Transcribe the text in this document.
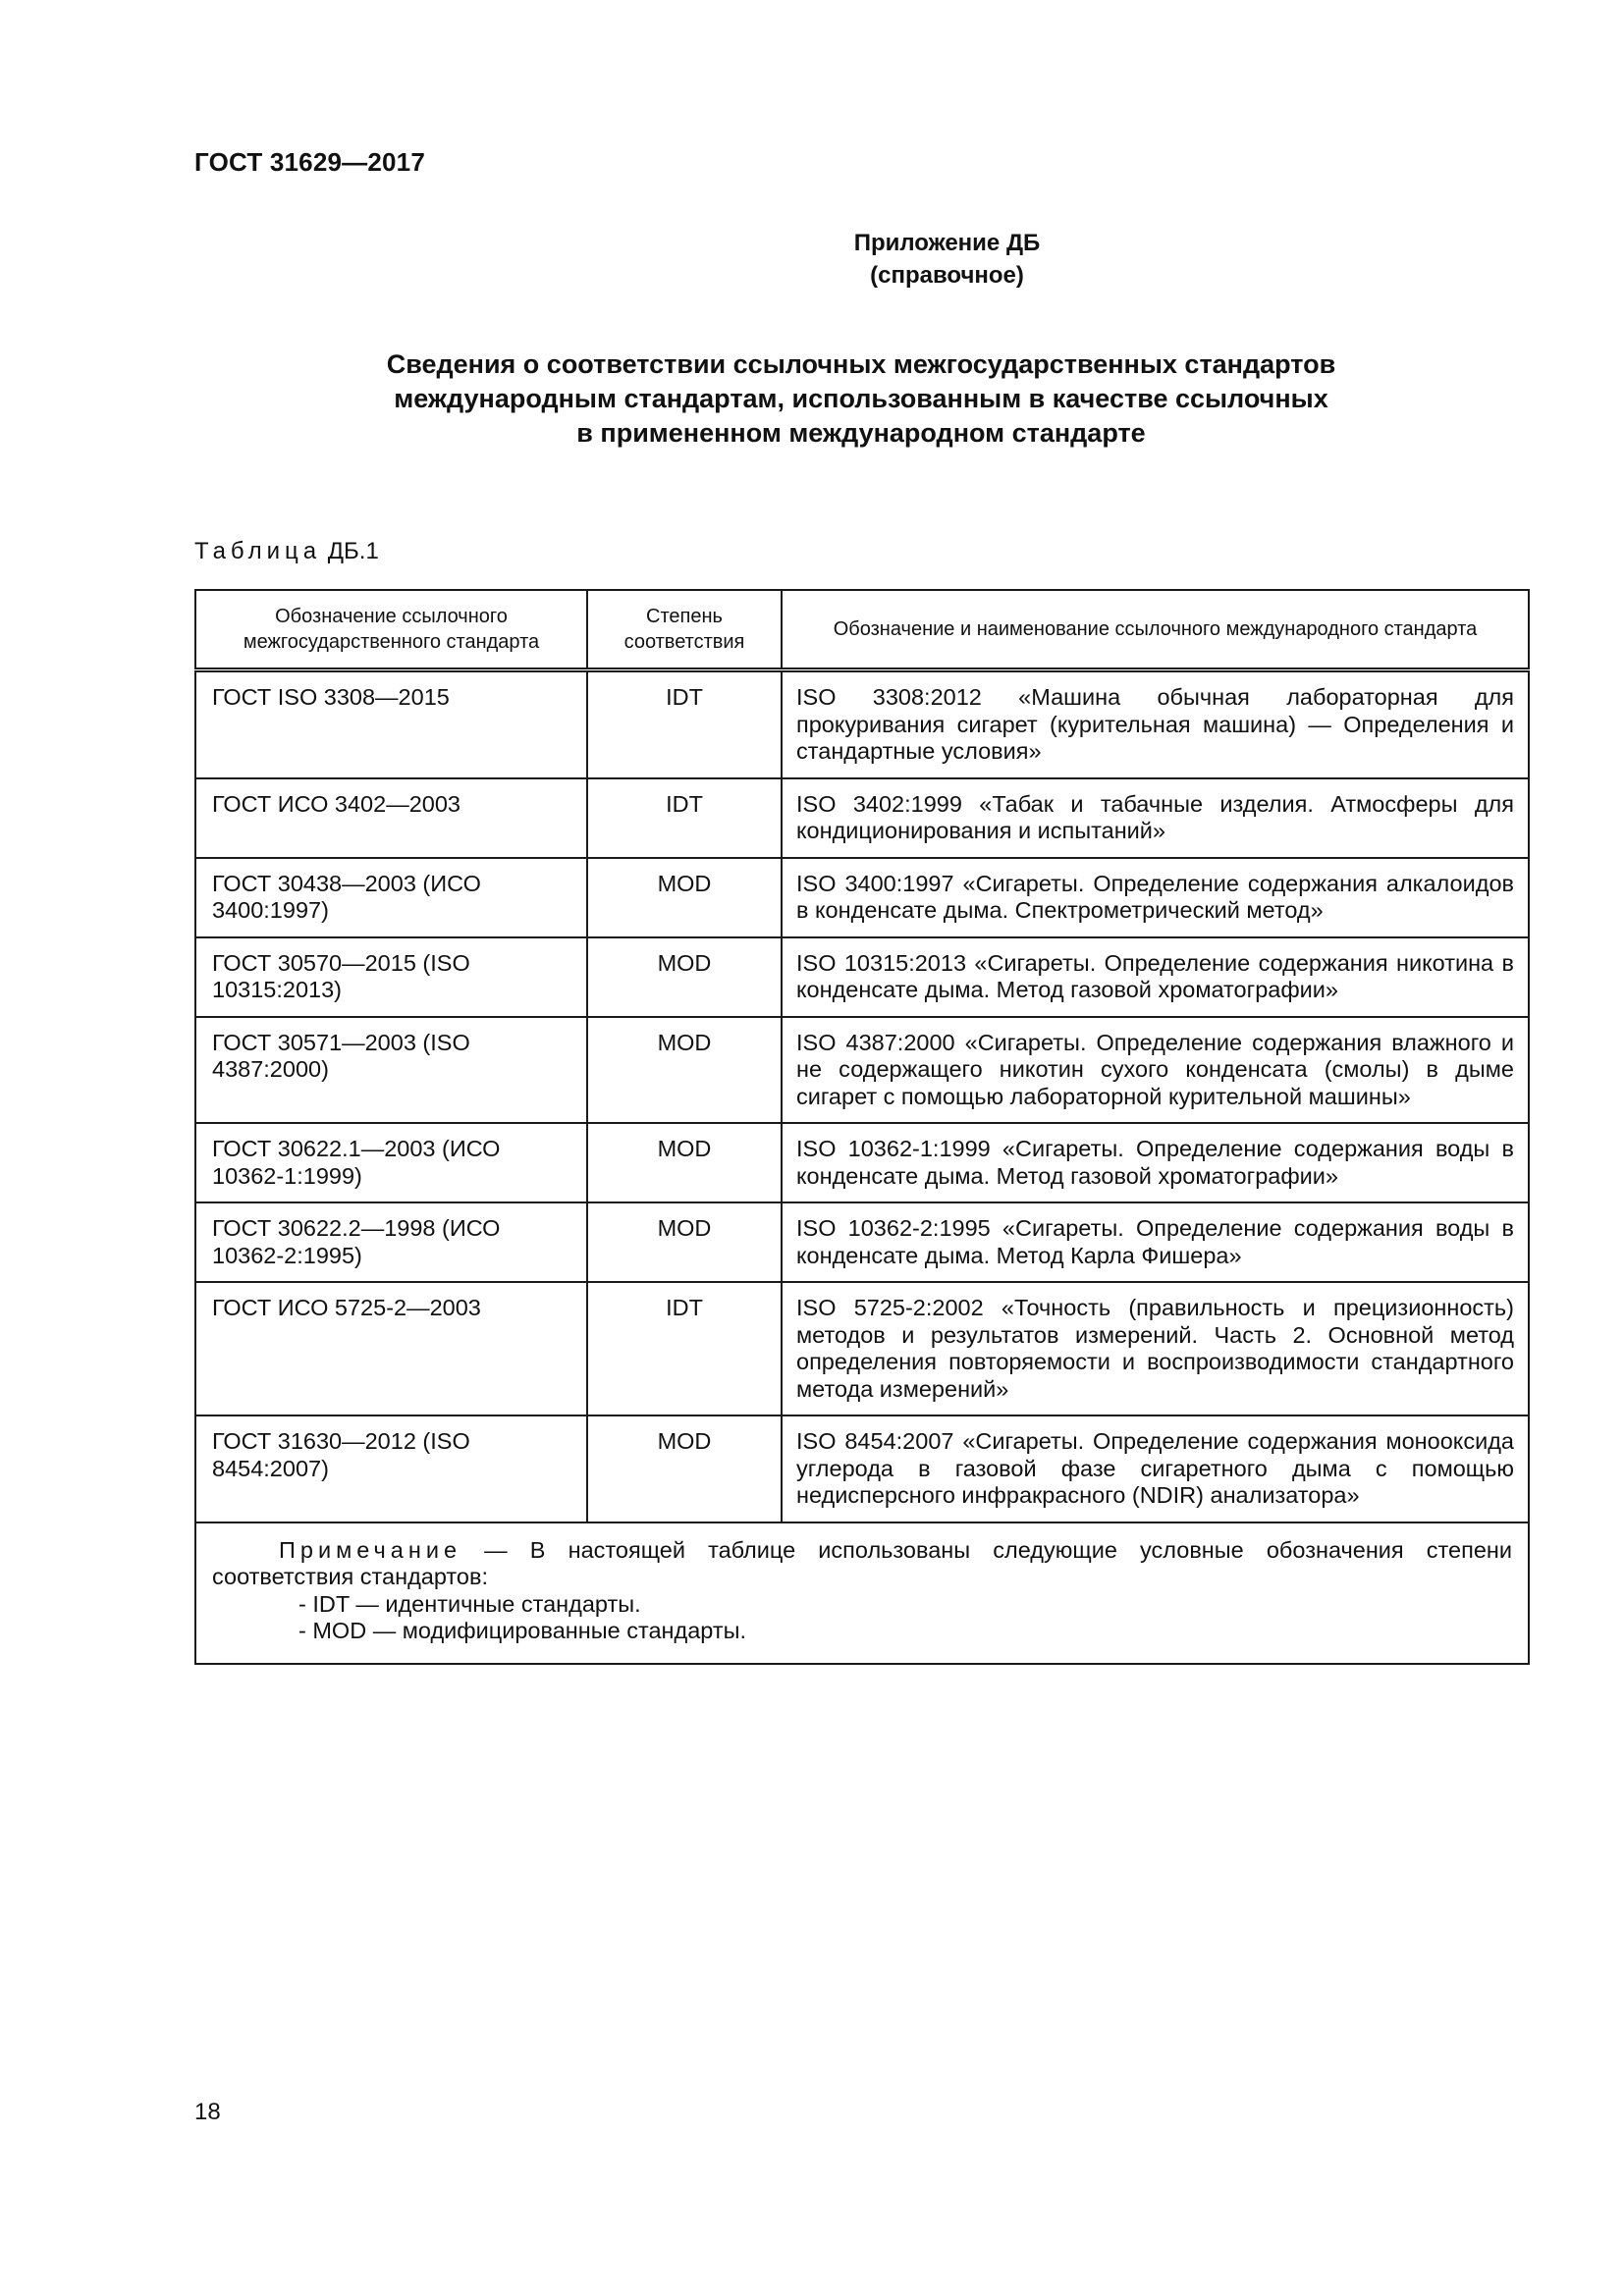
ГОСТ 31629—2017
Приложение ДБ
(справочное)
Сведения о соответствии ссылочных межгосударственных стандартов
международным стандартам, использованным в качестве ссылочных
в примененном международном стандарте
Таблица ДБ.1
Обозначение ссылочного межгосударственного стандарта	Степень соответствия	Обозначение и наименование ссылочного международного стандарта
ГОСТ ISO 3308—2015	IDT	ISO 3308:2012 «Машина обычная лабораторная для прокуривания сигарет (курительная машина) — Определения и стандартные условия»
ГОСТ ИСО 3402—2003	IDT	ISO 3402:1999 «Табак и табачные изделия. Атмосферы для кондиционирования и испытаний»
ГОСТ 30438—2003 (ИСО 3400:1997)	MOD	ISO 3400:1997 «Сигареты. Определение содержания алкалоидов в конденсате дыма. Спектрометрический метод»
ГОСТ 30570—2015 (ISO 10315:2013)	MOD	ISO 10315:2013 «Сигареты. Определение содержания никотина в конденсате дыма. Метод газовой хроматографии»
ГОСТ 30571—2003 (ISO 4387:2000)	MOD	ISO 4387:2000 «Сигареты. Определение содержания влажного и не содержащего никотин сухого конденсата (смолы) в дыме сигарет с помощью лабораторной курительной машины»
ГОСТ 30622.1—2003 (ИСО 10362-1:1999)	MOD	ISO 10362-1:1999 «Сигареты. Определение содержания воды в конденсате дыма. Метод газовой хроматографии»
ГОСТ 30622.2—1998 (ИСО 10362-2:1995)	MOD	ISO 10362-2:1995 «Сигареты. Определение содержания воды в конденсате дыма. Метод Карла Фишера»
ГОСТ ИСО 5725-2—2003	IDT	ISO 5725-2:2002 «Точность (правильность и прецизионность) методов и результатов измерений. Часть 2. Основной метод определения повторяемости и воспроизводимости стандартного метода измерений»
ГОСТ 31630—2012 (ISO 8454:2007)	MOD	ISO 8454:2007 «Сигареты. Определение содержания монооксида углерода в газовой фазе сигаретного дыма с помощью недисперсного инфракрасного (NDIR) анализатора»

Примечание — В настоящей таблице использованы следующие условные обозначения степени соответствия стандартов:
- IDT — идентичные стандарты.
- MOD — модифицированные стандарты.		
18
